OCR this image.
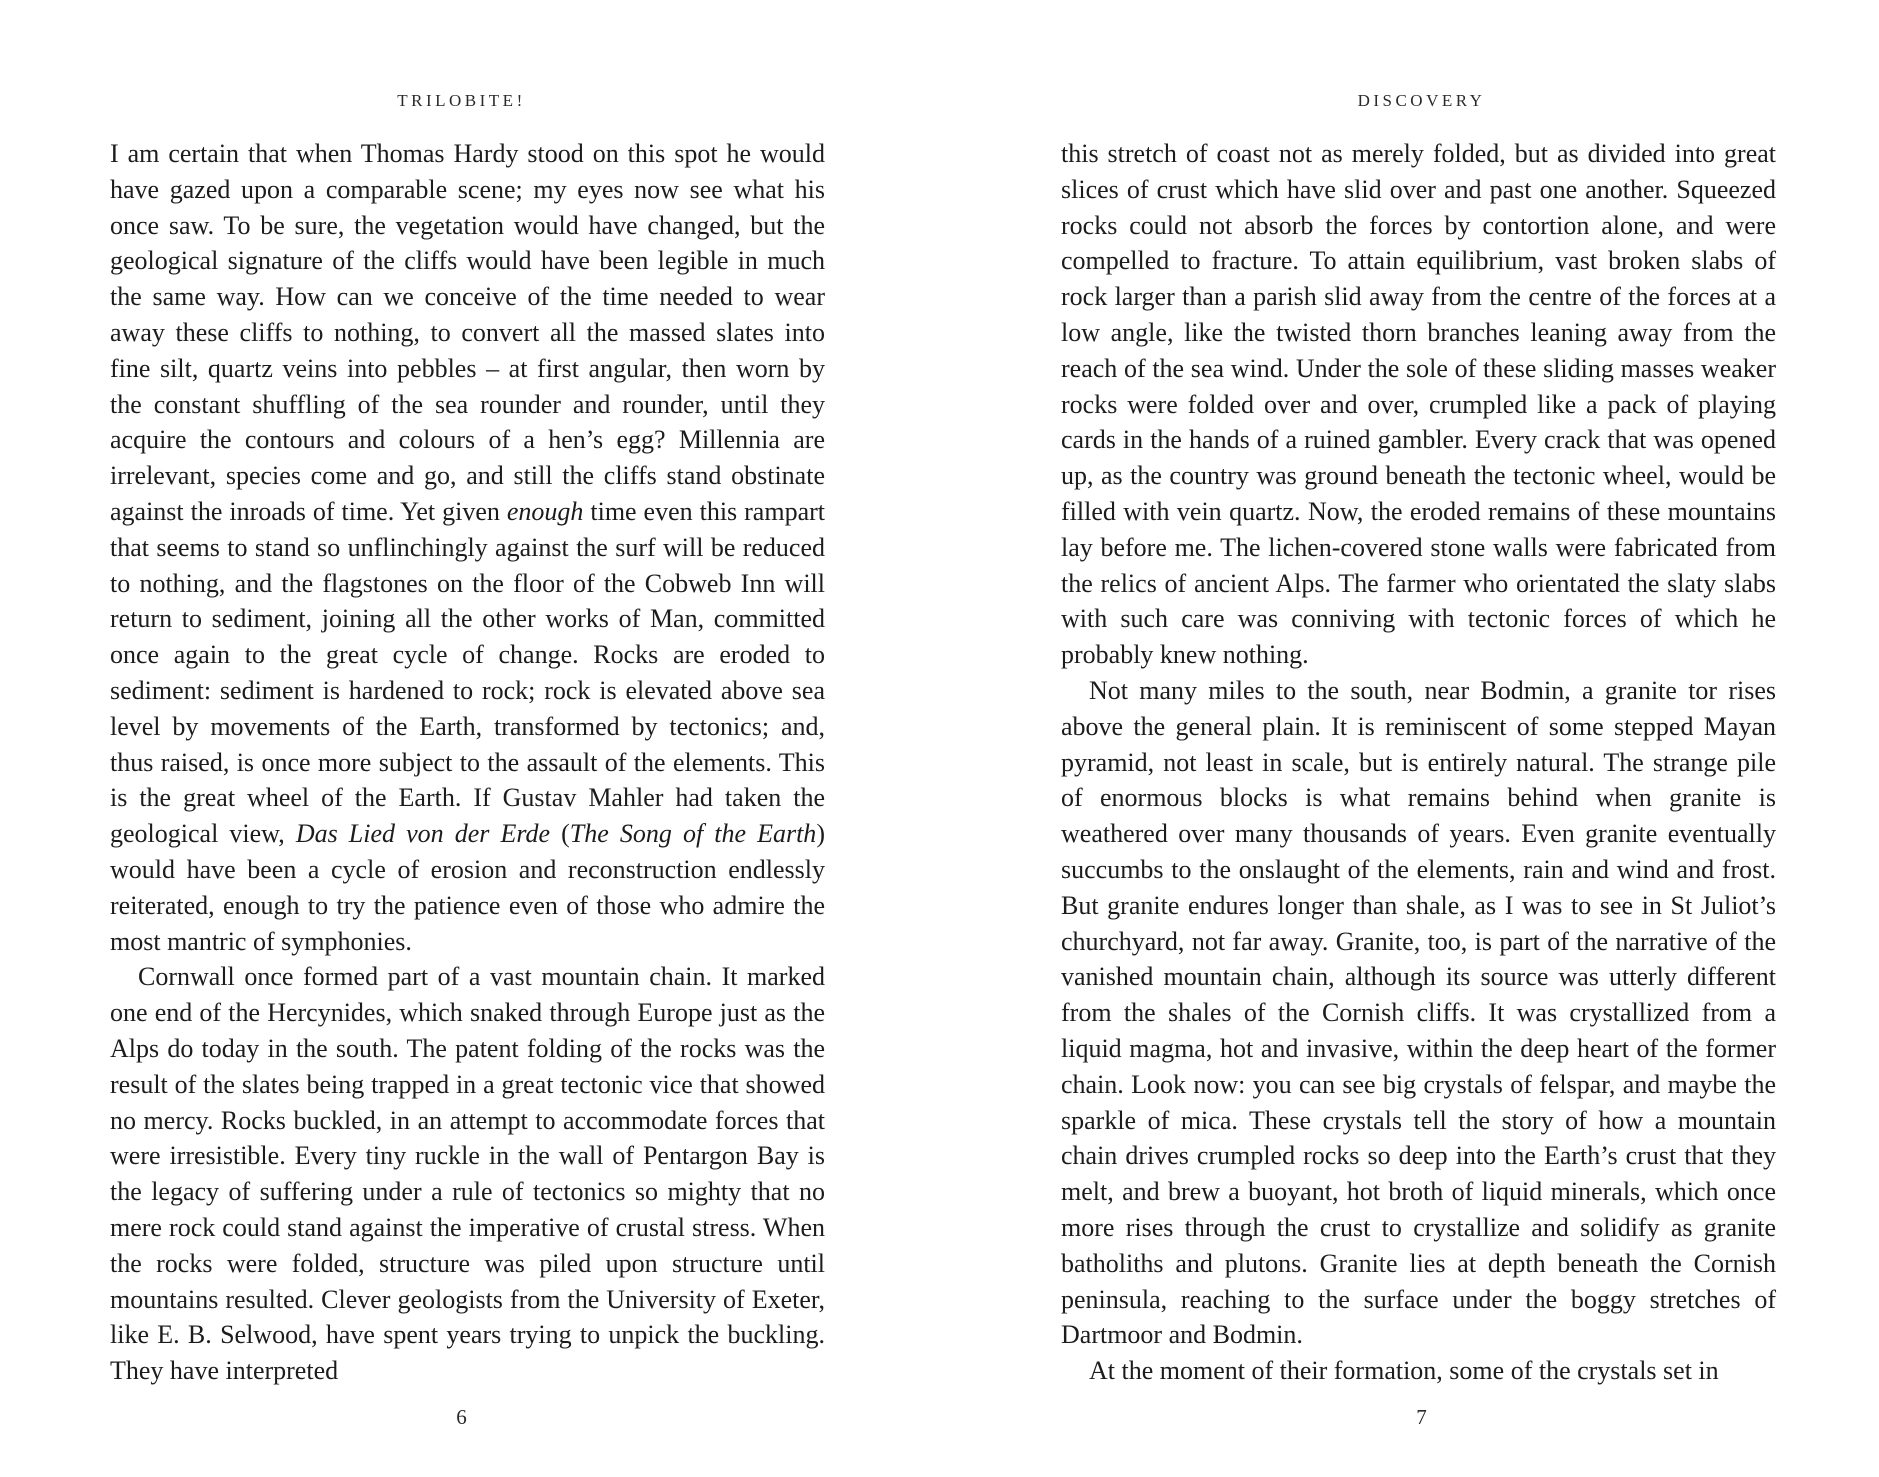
TRILOBITE!

I am certain that when Thomas Hardy stood on this spot he would have gazed upon a comparable scene; my eyes now see what his once saw. To be sure, the vegetation would have changed, but the geological signature of the cliffs would have been legible in much the same way. How can we conceive of the time needed to wear away these cliffs to nothing, to convert all the massed slates into fine silt, quartz veins into pebbles – at first angular, then worn by the constant shuffling of the sea rounder and rounder, until they acquire the contours and colours of a hen’s egg? Millennia are irrelevant, species come and go, and still the cliffs stand obstinate against the inroads of time. Yet given enough time even this rampart that seems to stand so unflinchingly against the surf will be reduced to nothing, and the flagstones on the floor of the Cobweb Inn will return to sediment, joining all the other works of Man, committed once again to the great cycle of change. Rocks are eroded to sediment: sediment is hardened to rock; rock is elevated above sea level by movements of the Earth, transformed by tectonics; and, thus raised, is once more subject to the assault of the elements. This is the great wheel of the Earth. If Gustav Mahler had taken the geological view, Das Lied von der Erde (The Song of the Earth) would have been a cycle of erosion and reconstruction endlessly reiterated, enough to try the patience even of those who admire the most mantric of symphonies.

Cornwall once formed part of a vast mountain chain. It marked one end of the Hercynides, which snaked through Europe just as the Alps do today in the south. The patent folding of the rocks was the result of the slates being trapped in a great tectonic vice that showed no mercy. Rocks buckled, in an attempt to accommodate forces that were irresistible. Every tiny ruckle in the wall of Pentargon Bay is the legacy of suffering under a rule of tectonics so mighty that no mere rock could stand against the imperative of crustal stress. When the rocks were folded, structure was piled upon structure until mountains resulted. Clever geologists from the University of Exeter, like E. B. Selwood, have spent years trying to unpick the buckling. They have interpreted

6
DISCOVERY

this stretch of coast not as merely folded, but as divided into great slices of crust which have slid over and past one another. Squeezed rocks could not absorb the forces by contortion alone, and were compelled to fracture. To attain equilibrium, vast broken slabs of rock larger than a parish slid away from the centre of the forces at a low angle, like the twisted thorn branches leaning away from the reach of the sea wind. Under the sole of these sliding masses weaker rocks were folded over and over, crumpled like a pack of playing cards in the hands of a ruined gambler. Every crack that was opened up, as the country was ground beneath the tectonic wheel, would be filled with vein quartz. Now, the eroded remains of these mountains lay before me. The lichen-covered stone walls were fabricated from the relics of ancient Alps. The farmer who orientated the slaty slabs with such care was conniving with tectonic forces of which he probably knew nothing.

Not many miles to the south, near Bodmin, a granite tor rises above the general plain. It is reminiscent of some stepped Mayan pyramid, not least in scale, but is entirely natural. The strange pile of enormous blocks is what remains behind when granite is weathered over many thousands of years. Even granite eventually succumbs to the onslaught of the elements, rain and wind and frost. But granite endures longer than shale, as I was to see in St Juliot’s churchyard, not far away. Granite, too, is part of the narrative of the vanished mountain chain, although its source was utterly different from the shales of the Cornish cliffs. It was crystallized from a liquid magma, hot and invasive, within the deep heart of the former chain. Look now: you can see big crystals of felspar, and maybe the sparkle of mica. These crystals tell the story of how a mountain chain drives crumpled rocks so deep into the Earth’s crust that they melt, and brew a buoyant, hot broth of liquid minerals, which once more rises through the crust to crystallize and solidify as granite batholiths and plutons. Granite lies at depth beneath the Cornish peninsula, reaching to the surface under the boggy stretches of Dartmoor and Bodmin.

At the moment of their formation, some of the crystals set in

7
